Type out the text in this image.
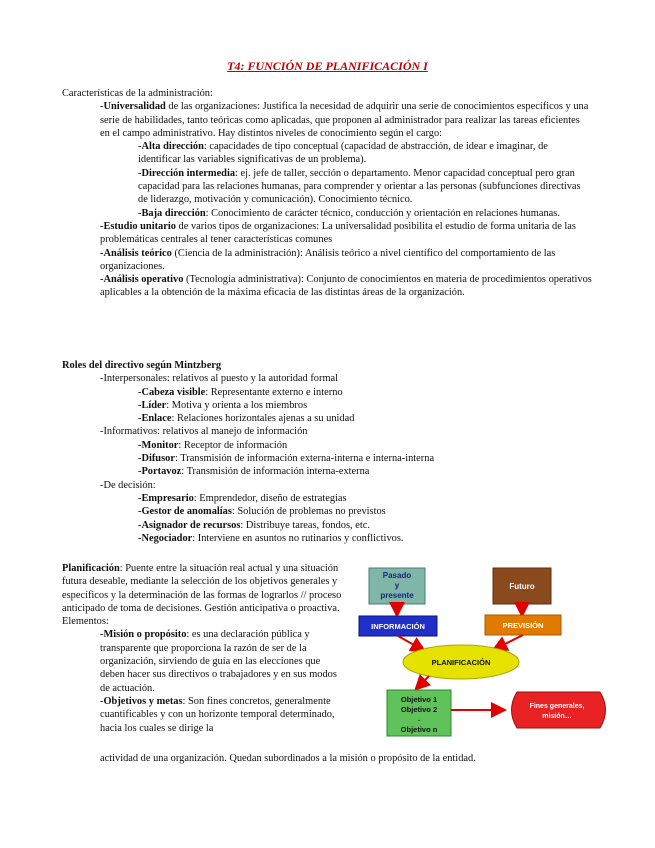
T4: FUNCIÓN DE PLANIFICACIÓN I

Características de la administración:

-Universalidad de las organizaciones: Justifica la necesidad de adquirir una serie de conocimientos específicos y una serie de habilidades, tanto teóricas como aplicadas, que proponen al administrador para realizar las tareas eficientes en el campo administrativo. Hay distintos niveles de conocimiento según el cargo:

-Alta dirección: capacidades de tipo conceptual (capacidad de abstracción, de idear e imaginar, de identificar las variables significativas de un problema).

-Dirección intermedia: ej. jefe de taller, sección o departamento. Menor capacidad conceptual pero gran capacidad para las relaciones humanas, para comprender y orientar a las personas (subfunciones directivas de liderazgo, motivación y comunicación). Conocimiento técnico.

-Baja dirección: Conocimiento de carácter técnico, conducción y orientación en relaciones humanas.

-Estudio unitario de varios tipos de organizaciones: La universalidad posibilita el estudio de forma unitaria de las problemáticas centrales al tener características comunes

-Análisis teórico (Ciencia de la administración): Análisis teórico a nivel científico del comportamiento de las organizaciones.

-Análisis operativo (Tecnología administrativa): Conjunto de conocimientos en materia de procedimientos operativos aplicables a la obtención de la máxima eficacia de las distintas áreas de la organización.

Roles del directivo según Mintzberg

-Interpersonales: relativos al puesto y la autoridad formal

-Cabeza visible: Representante externo e interno

-Líder: Motiva y orienta a los miembros

-Enlace: Relaciones horizontales ajenas a su unidad

-Informativos: relativos al manejo de información

-Monitor: Receptor de información

-Difusor: Transmisión de información externa-interna e interna-interna

-Portavoz: Transmisión de información interna-externa

-De decisión:

-Empresario: Emprendedor, diseño de estrategias

-Gestor de anomalías: Solución de problemas no previstos

-Asignador de recursos: Distribuye tareas, fondos, etc.

-Negociador: Interviene en asuntos no rutinarios y conflictivos.

Planificación: Puente entre la situación real actual y una situación futura deseable, mediante la selección de los objetivos generales y específicos y la determinación de las formas de lograrlos // proceso anticipado de toma de decisiones. Gestión anticipativa o proactiva.

Elementos:

-Misión o propósito: es una declaración pública y transparente que proporciona la razón de ser de la organización, sirviendo de guía en las elecciones que deben hacer sus directivos o trabajadores y en sus modos de actuación.

-Objetivos y metas: Son fines concretos, generalmente cuantificables y con un horizonte temporal determinado, hacia los cuales se dirige la

actividad de una organización. Quedan subordinados a la misión o propósito de la entidad.
Pasado
y
presente
Futuro
INFORMACIÓN	PREVISIÓN
PLANIFICACIÓN
Objetivo 1
Objetivo 2
.
Objetivo n
Fines generales,
misión…
